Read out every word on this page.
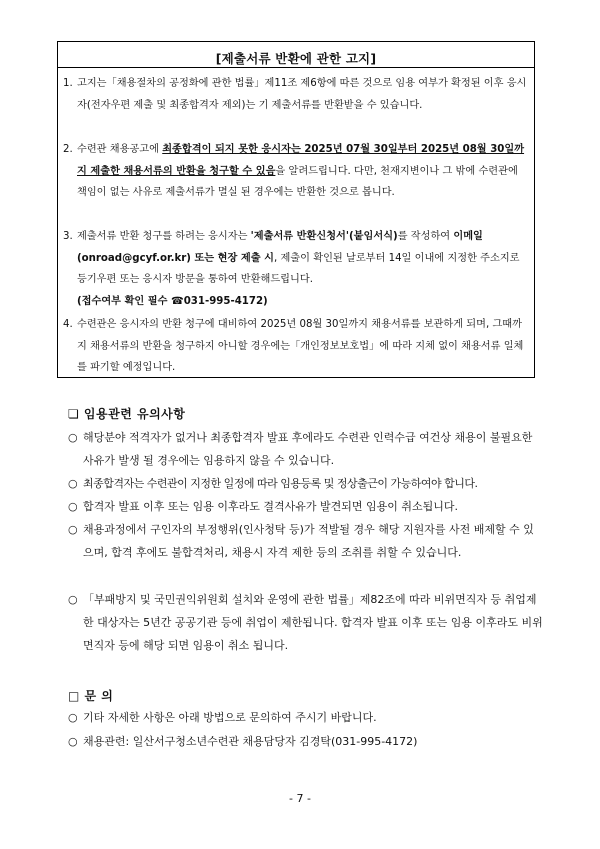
[제출서류 반환에 관한 고지]
1. 고지는「채용절차의 공정화에 관한 법률」제11조 제6항에 따른 것으로 임용 여부가 확정된 이후 응시자(전자우편 제출 및 최종합격자 제외)는 기 제출서류를 반환받을 수 있습니다.
2. 수련관 채용공고에 최종합격이 되지 못한 응시자는 2025년 07월 30일부터 2025년 08월 30일까지 제출한 채용서류의 반환을 청구할 수 있음을 알려드립니다. 다만, 천재지변이나 그 밖에 수련관에 책임이 없는 사유로 제출서류가 멸실 된 경우에는 반환한 것으로 봅니다.
3. 제출서류 반환 청구를 하려는 응시자는 '제출서류 반환신청서'(붙임서식)를 작성하여 이메일(onroad@gcyf.or.kr) 또는 현장 제출 시, 제출이 확인된 날로부터 14일 이내에 지정한 주소지로 등기우편 또는 응시자 방문을 통하여 반환해드립니다.
(접수여부 확인 필수 ☎031-995-4172)
4. 수련관은 응시자의 반환 청구에 대비하여 2025년 08월 30일까지 채용서류를 보관하게 되며, 그때까지 채용서류의 반환을 청구하지 아니할 경우에는「개인정보보호법」에 따라 지체 없이 채용서류 일체를 파기할 예정입니다.
❏ 임용관련 유의사항
○ 해당분야 적격자가 없거나 최종합격자 발표 후에라도 수련관 인력수급 여건상 채용이 불필요한 사유가 발생 될 경우에는 임용하지 않을 수 있습니다.
○ 최종합격자는 수련관이 지정한 일정에 따라 임용등록 및 정상출근이 가능하여야 합니다.
○ 합격자 발표 이후 또는 임용 이후라도 결격사유가 발견되면 임용이 취소됩니다.
○ 채용과정에서 구인자의 부정행위(인사청탁 등)가 적발될 경우 해당 지원자를 사전 배제할 수 있으며, 합격 후에도 불합격처리, 채용시 자격 제한 등의 조취를 취할 수 있습니다.
○ 「부패방지 및 국민권익위원회 설치와 운영에 관한 법률」제82조에 따라 비위면직자 등 취업제한 대상자는 5년간 공공기관 등에 취업이 제한됩니다. 합격자 발표 이후 또는 임용 이후라도 비위면직자 등에 해당 되면 임용이 취소 됩니다.
□ 문 의
○ 기타 자세한 사항은 아래 방법으로 문의하여 주시기 바랍니다.
○ 채용관련: 일산서구청소년수련관 채용담당자 김경탁(031-995-4172)
- 7 -
